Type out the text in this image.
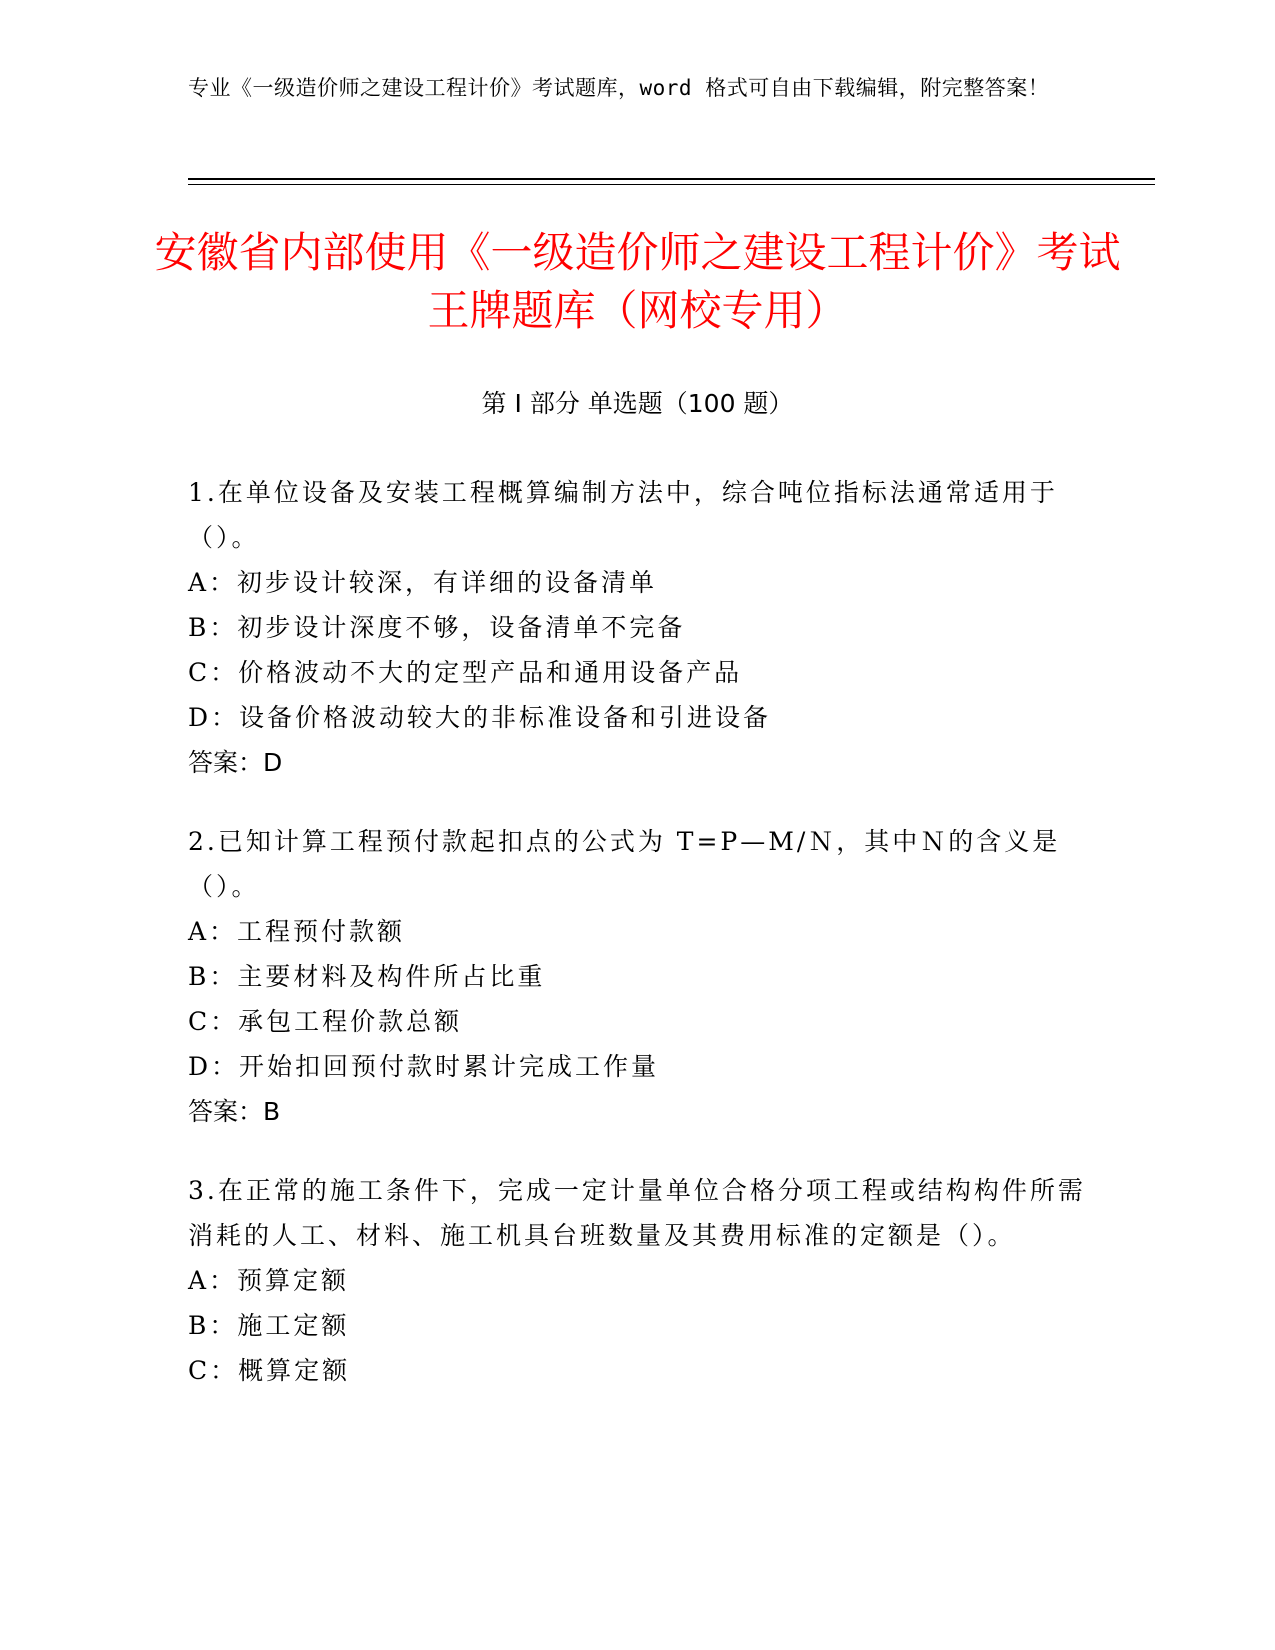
专业《一级造价师之建设工程计价》考试题库，word 格式可自由下载编辑，附完整答案！
安徽省内部使用《一级造价师之建设工程计价》考试王牌题库（网校专用）
第 I 部分 单选题（100 题）
1.在单位设备及安装工程概算编制方法中，综合吨位指标法通常适用于（）。
A：初步设计较深，有详细的设备清单
B：初步设计深度不够，设备清单不完备
C：价格波动不大的定型产品和通用设备产品
D：设备价格波动较大的非标准设备和引进设备
答案：D
2.已知计算工程预付款起扣点的公式为 T=P—M/Ｎ，其中Ｎ的含义是（）。
A：工程预付款额
B：主要材料及构件所占比重
C：承包工程价款总额
D：开始扣回预付款时累计完成工作量
答案：B
3.在正常的施工条件下，完成一定计量单位合格分项工程或结构构件所需消耗的人工、材料、施工机具台班数量及其费用标准的定额是（）。
A：预算定额
B：施工定额
C：概算定额
